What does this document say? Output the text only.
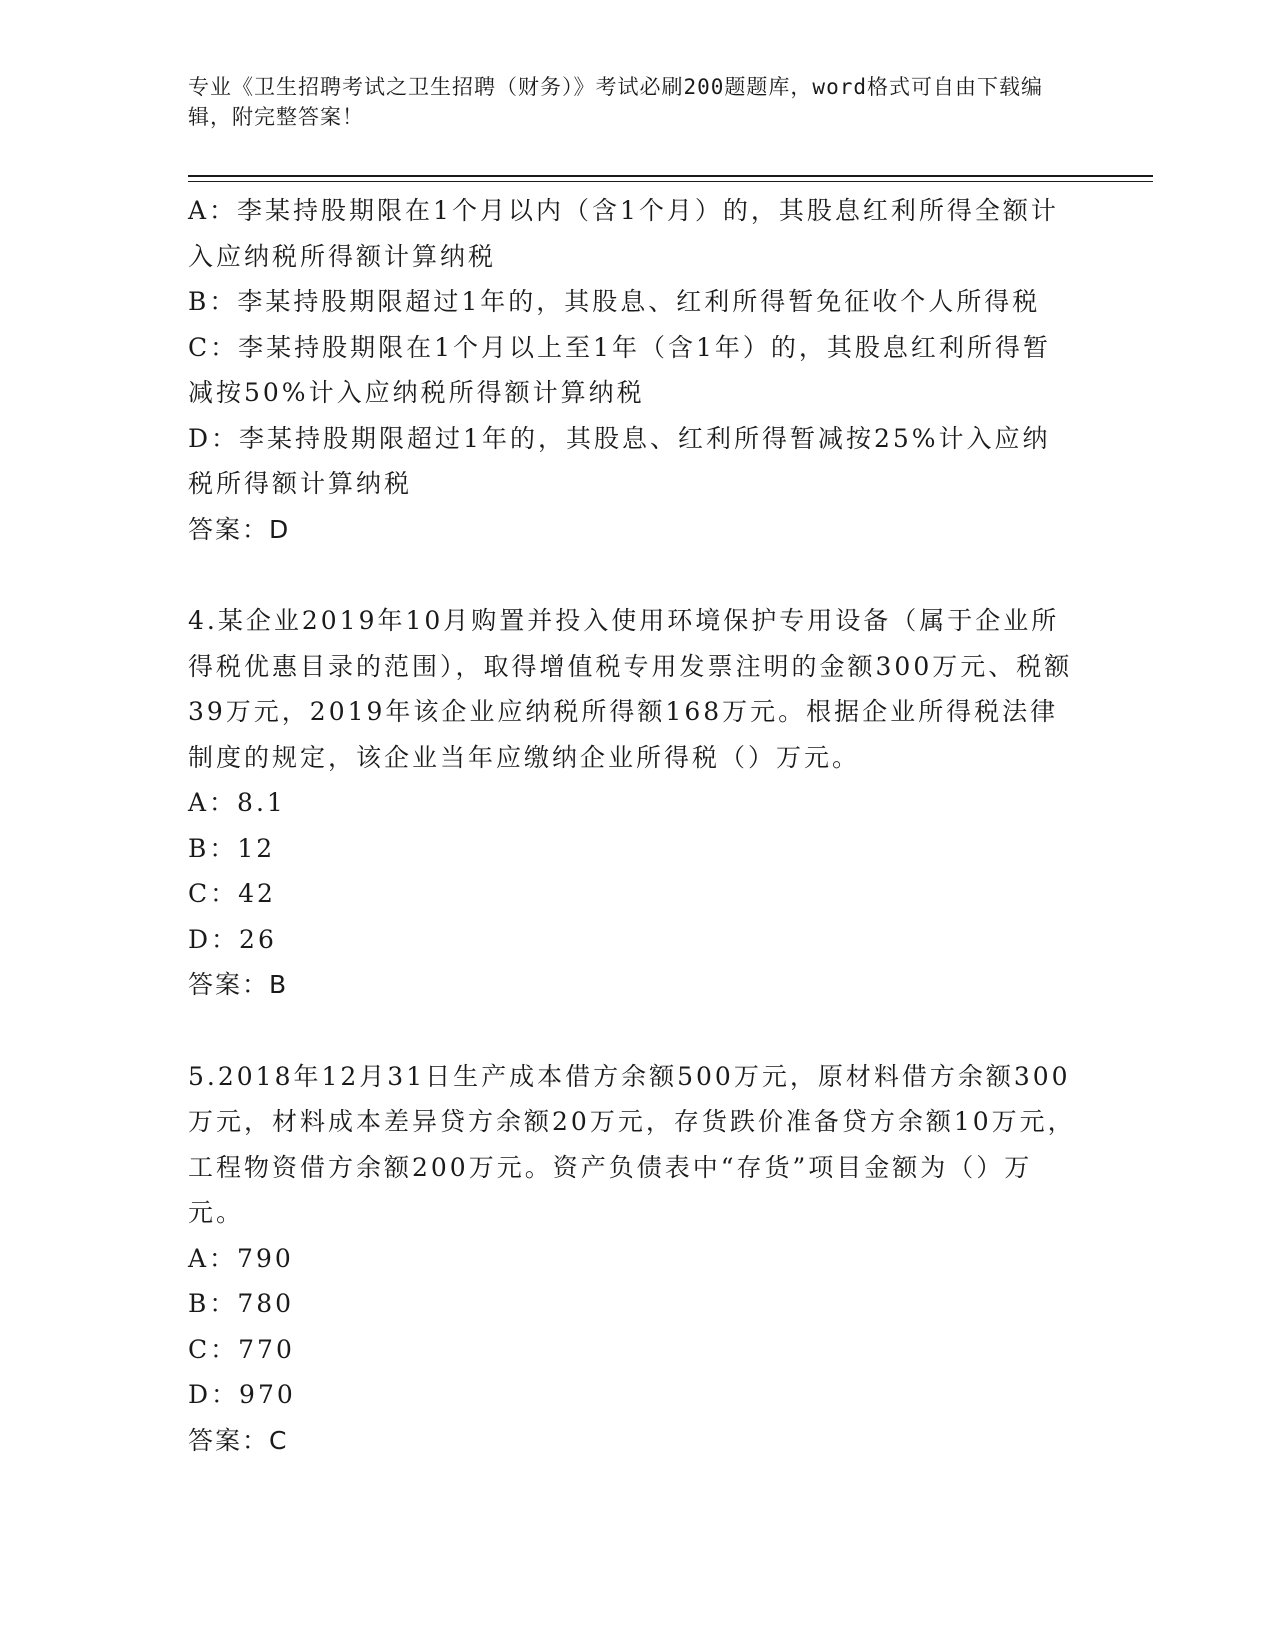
专业《卫生招聘考试之卫生招聘（财务）》考试必刷200题题库，word格式可自由下载编辑，附完整答案！

A：李某持股期限在1个月以内（含1个月）的，其股息红利所得全额计入应纳税所得额计算纳税

B：李某持股期限超过1年的，其股息、红利所得暂免征收个人所得税

C：李某持股期限在1个月以上至1年（含1年）的，其股息红利所得暂减按50%计入应纳税所得额计算纳税

D：李某持股期限超过1年的，其股息、红利所得暂减按25%计入应纳税所得额计算纳税

答案：D

4.某企业2019年10月购置并投入使用环境保护专用设备（属于企业所得税优惠目录的范围），取得增值税专用发票注明的金额300万元、税额39万元，2019年该企业应纳税所得额168万元。根据企业所得税法律制度的规定，该企业当年应缴纳企业所得税（）万元。

A：8.1

B：12

C：42

D：26

答案：B

5.2018年12月31日生产成本借方余额500万元，原材料借方余额300万元，材料成本差异贷方余额20万元，存货跌价准备贷方余额10万元，工程物资借方余额200万元。资产负债表中“存货”项目金额为（）万元。

A：790

B：780

C：770

D：970

答案：C
